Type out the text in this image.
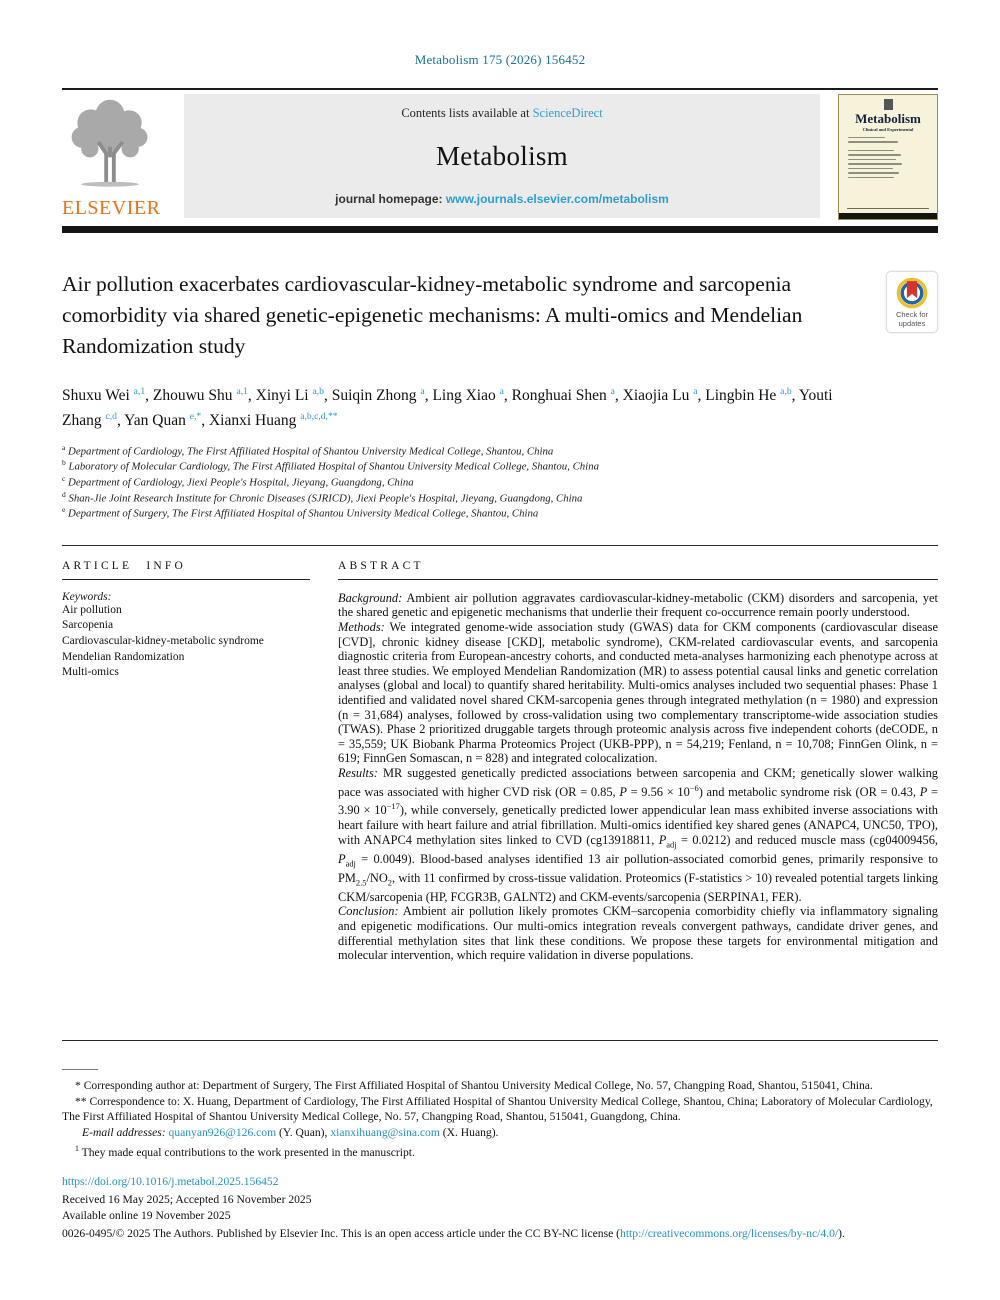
Metabolism 175 (2026) 156452
ELSEVIER
Contents lists available at ScienceDirect
Metabolism
journal homepage: www.journals.elsevier.com/metabolism
Metabolism
Clinical and Experimental
Air pollution exacerbates cardiovascular-kidney-metabolic syndrome and sarcopenia comorbidity via shared genetic-epigenetic mechanisms: A multi-omics and Mendelian Randomization study
Check for
updates
Shuxu Wei $^{a,1}$, Zhouwu Shu $^{a,1}$, Xinyi Li $^{a,b}$, Suiqin Zhong $^a$, Ling Xiao $^a$, Ronghuai Shen $^a$, Xiaojia Lu $^a$, Lingbin He $^{a,b}$, Youti Zhang $^{c,d}$, Yan Quan $^{e,*}$, Xianxi Huang $^{a,b,c,d,**}$
$^a$ Department of Cardiology, The First Affiliated Hospital of Shantou University Medical College, Shantou, China
$^b$ Laboratory of Molecular Cardiology, The First Affiliated Hospital of Shantou University Medical College, Shantou, China
$^c$ Department of Cardiology, Jiexi People's Hospital, Jieyang, Guangdong, China
$^d$ Shan-Jie Joint Research Institute for Chronic Diseases (SJRICD), Jiexi People's Hospital, Jieyang, Guangdong, China
$^e$ Department of Surgery, The First Affiliated Hospital of Shantou University Medical College, Shantou, China
ARTICLE INFO
Keywords:
Air pollution
Sarcopenia
Cardiovascular-kidney-metabolic syndrome
Mendelian Randomization
Multi-omics
ABSTRACT

Background: Ambient air pollution aggravates cardiovascular-kidney-metabolic (CKM) disorders and sarcopenia, yet the shared genetic and epigenetic mechanisms that underlie their frequent co-occurrence remain poorly understood.

Methods: We integrated genome-wide association study (GWAS) data for CKM components (cardiovascular disease [CVD], chronic kidney disease [CKD], metabolic syndrome), CKM-related cardiovascular events, and sarcopenia diagnostic criteria from European-ancestry cohorts, and conducted meta-analyses harmonizing each phenotype across at least three studies. We employed Mendelian Randomization (MR) to assess potential causal links and genetic correlation analyses (global and local) to quantify shared heritability. Multi-omics analyses included two sequential phases: Phase 1 identified and validated novel shared CKM-sarcopenia genes through integrated methylation (n = 1980) and expression (n = 31,684) analyses, followed by cross-validation using two complementary transcriptome-wide association studies (TWAS). Phase 2 prioritized druggable targets through proteomic analysis across five independent cohorts (deCODE, n = 35,559; UK Biobank Pharma Proteomics Project (UKB-PPP), n = 54,219; Fenland, n = 10,708; FinnGen Olink, n = 619; FinnGen Somascan, n = 828) and integrated colocalization.

Results: MR suggested genetically predicted associations between sarcopenia and CKM; genetically slower walking pace was associated with higher CVD risk (OR = 0.85, $P = 9.56 \times 10^{-6}$) and metabolic syndrome risk (OR = 0.43, $P = 3.90 \times 10^{-17}$), while conversely, genetically predicted lower appendicular lean mass exhibited inverse associations with heart failure with heart failure and atrial fibrillation. Multi-omics identified key shared genes (ANAPC4, UNC50, TPO), with ANAPC4 methylation sites linked to CVD (cg13918811, $P_{adj} = 0.0212$) and reduced muscle mass (cg04009456, $P_{adj} = 0.0049$). Blood-based analyses identified 13 air pollution-associated comorbid genes, primarily responsive to $PM_{2.5}/NO_2$, with 11 confirmed by cross-tissue validation. Proteomics (F-statistics > 10) revealed potential targets linking CKM/sarcopenia (HP, FCGR3B, GALNT2) and CKM-events/sarcopenia (SERPINA1, FER).

Conclusion: Ambient air pollution likely promotes CKM–sarcopenia comorbidity chiefly via inflammatory signaling and epigenetic modifications. Our multi-omics integration reveals convergent pathways, candidate driver genes, and differential methylation sites that link these conditions. We propose these targets for environmental mitigation and molecular intervention, which require validation in diverse populations.

* Corresponding author at: Department of Surgery, The First Affiliated Hospital of Shantou University Medical College, No. 57, Changping Road, Shantou, 515041, China.

** Correspondence to: X. Huang, Department of Cardiology, The First Affiliated Hospital of Shantou University Medical College, Shantou, China; Laboratory of Molecular Cardiology, The First Affiliated Hospital of Shantou University Medical College, No. 57, Changping Road, Shantou, 515041, Guangdong, China.

E-mail addresses: quanyan926@126.com (Y. Quan), xianxihuang@sina.com (X. Huang).

$^1$ They made equal contributions to the work presented in the manuscript.

https://doi.org/10.1016/j.metabol.2025.156452

Received 16 May 2025; Accepted 16 November 2025

Available online 19 November 2025

0026-0495/© 2025 The Authors. Published by Elsevier Inc. This is an open access article under the CC BY-NC license (http://creativecommons.org/licenses/by-nc/4.0/).
